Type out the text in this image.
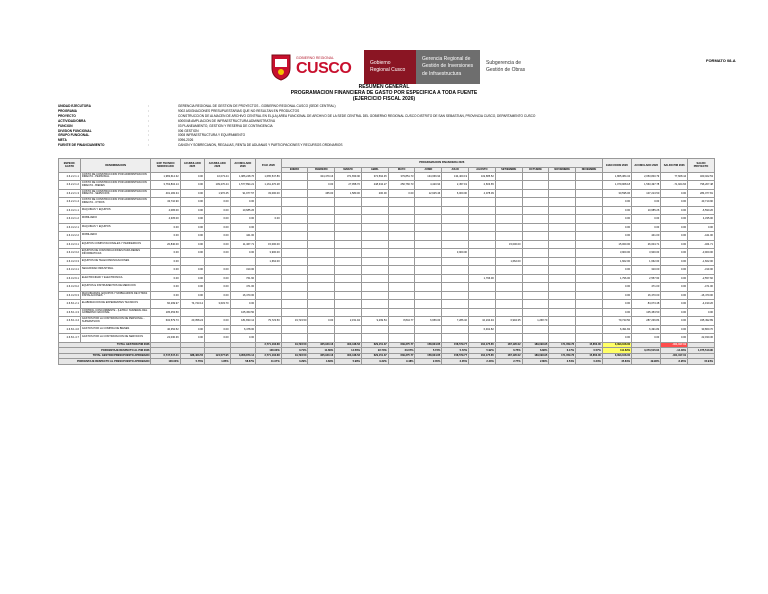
GOBIERNO REGIONAL
CUSCO	Gobierno Regional Cusco
Gerencia Regional de Gestión de Inversiones de Infraestructura
Subgerencia de Gestión de Obras
FORMATO 08-A
RESUMEN GENERAL
PROGRAMACION FINANCIERA DE GASTO POR ESPECIFICA A TODA FUENTE
(EJERCICIO FISCAL 2026)
UNIDAD EJECUTORA	:	GERENCIA REGIONAL DE GESTION DE PROYECTOS - GOBIERNO REGIONAL CUSCO (SEDE CENTRAL)
PROGRAMA	:	9002 ASIGNACIONES PRESUPUESTARIAS QUE NO RESULTAN EN PRODUCTOS
PROYECTO	:	CONSTRUCCION DE ALMACEN DE ARCHIVO CENTRAL EN EL(LA) AREA FUNCIONAL DE ARCHIVO DE LA SEDE CENTRAL DEL GOBIERNO REGIONAL CUSCO DISTRITO DE SAN SEBASTIAN, PROVINCIA CUSCO, DEPARTAMENTO CUSCO
ACTIVIDAD/OBRA	:	6000048 AMPLIACION DE INFRAESTRUCTURA ADMINISTRATIVA
FUNCION	:	03 PLANEAMIENTO, GESTION Y RESERVA DE CONTINGENCIA
DIVISION FUNCIONAL	:	006 GESTION
GRUPO FUNCIONAL	:	0008 INFRAESTRUCTURA Y EQUIPAMIENTO
META	:	0096-2026
FUENTE DE FINANCIAMIENTO	:	CANON Y SOBRECANON, REGALIAS, RENTA DE ADUANAS Y PARTICIPACIONES Y RECURSOS ORDINARIOS
ESPECIF. GASTO	DENOMINACION	EXP. TECNICO MODIFICADO	ACUMULADO 2025	ACUMULADO 2026	ACUMULADO 2026	P.I.M. 2026	PROGRAMACION FINANCIERA 2026												EJECUCION 2026	ACUMULADO 2026	SALDO PIM 2026	SALDO PROYECTO
							ENERO	FEBRERO	MARZO	ABRIL	MAYO	JUNIO	JULIO	AGOSTO	SETIEMBRE	OCTUBRE	NOVIEMBRE	DICIEMBRE				
2.6.2.2.1.1	COSTO DE CONSTRUCCION POR ADMINISTRACION DIRECTA - PERSONAL	1,983,612.32	0.00	10,073.44	1,986,248.76	1,665,547.89		324,479.16	371,659.90	372,594.45	379,851.73	134,666.94	134,400.19	119,685.52					1,865,384.34	2,053,840.79	77,608.44	460,022.53
2.6.2.2.1.2	COSTO DE CONSTRUCCION POR ADMINISTRACION DIRECTA - BIENES	3,763,834.14	0.00	109,270.44	1,577,894.21	1,161,470.28		0.00	27,958.70	248,334.27	250,766.73	4,420.94	2,457.19	2,603.65					1,079,968.18	1,563,497.78	-71,924.66	796,207.48
2.6.2.2.1.3	COSTO DE CONSTRUCCION POR ADMINISTRACION DIRECTA - SERVICIOS	401,182.34	0.00	1,976.45	91,977.57	33,000.00		465.00	1,580.00	200.00	0.00	12,925.46	6,000.00	4,078.09					30,595.06	107,213.50	0.00	284,077.81
2.6.2.2.1.4	COSTO DE CONSTRUCCION POR ADMINISTRACION DIRECTA - OTROS	43,710.90	0.00	0.00	0.00														0.00	0.00	0.00	43,710.90
2.6.3.2.1.1	MAQUINAS Y EQUIPOS	4,095.00	0.00	0.00	10,685.26														0.00	10,685.26	0.00	-6,590.26
2.6.3.2.1.2	MOBILIARIO	4,335.00	0.00	0.00	0.00	0.00													0.00	0.00	0.00	4,335.00
2.6.3.2.2.1	MAQUINAS Y EQUIPOS	0.00	0.00	0.00	0.00														0.00	0.00	0.00	0.00
2.6.3.2.2.2	MOBILIARIO	0.00	0.00	0.00	441.00														0.00	441.00	0.00	-441.00
2.6.3.2.3.1	EQUIPOS COMPUTACIONALES Y PERIFERICOS	20,840.00	0.00	0.00	11,467.71	15,000.00									15,000.00				15,000.00	26,004.71	0.00	-464.71
2.6.3.2.3.2	EQUIPOS DE COMUNICACIONES PARA REDES INFORMATICAS	0.00	0.00	0.00	0.00	3,900.00							3,900.00						3,900.00	3,900.00	0.00	-3,900.00
2.6.3.2.3.3	EQUIPOS DE TELECOMUNICACIONES	0.00				1,662.00									1,662.00				1,662.00	1,662.00	0.00	-1,662.00
2.6.3.2.4.1	SEGURIDAD INDUSTRIAL	0.00	0.00	0.00	310.00														0.00	310.00	0.00	-310.00
2.6.3.2.9.1	ELECTRICIDAD Y ELECTRONICA	0.00	0.00	0.00	761.60									1,796.00					1,796.00	2,557.60	0.00	-2,557.60
2.6.3.2.9.2	EQUIPOS E INSTRUMENTOS DE MEDICION	0.00	0.00	0.00	471.00														0.00	471.00	0.00	-471.00
2.6.3.2.9.3	MAQUINARIAS, EQUIPOS Y MOBILIARIOS DE OTRAS INSTALACIONES	0.00	0.00	0.00	16,470.00														0.00	16,470.00	0.00	-16,470.00
2.6.8.1.2.1	ELABORACION DE EXPEDIENTES TECNICOS	60,299.97	74,743.12	3,633.70	0.00														0.00	84,073.48	0.00	-4,190.26
2.6.8.1.4.3	CONTROL CONCURRENTE - (LETRA I NUMERAL DEL GOBIERNO NACIONAL	105,453.50			105,453.50														0.00	105,453.50	0.00	0.00
2.6.8.1.4.4	GASTOS POR LA CONTRATACION DE PERSONAL - SUPERVISION	632,579.73	20,358.24	0.00	181,833.12	79,723.50	19,723.50	0.00	2,151.94	9,299.54	8,844.77	6,956.00	7,286.32	10,234.94	6,994.35	1,268.70			79,723.50	287,236.84	0.00	345,492.89
2.6.8.1.4.6	GASTOS POR LA COMPRA DE BIENES	40,352.52	0.00	0.00	6,478.00									6,491.82					6,491.82	6,491.82	0.00	33,860.70
2.6.8.1.4.7	GASTOS POR LA CONTRATACION DE SERVICIOS	22,030.36	0.00	0.00	0.00														0.00	0.00	0.00	22,030.36
TOTAL GESTION PIM 2026						2,771,103.68	19,723.50	325,940.16	403,448.53	629,151.37	639,375.77	158,624.65	158,579.77	164,175.65	187,195.02	189,093.95	171,059.76	15,853.00	3,093,108.00		-401,317.31	
PORCENTAJE RESPECTO AL PIM 2026						100.00%	0.71%	11.66%	14.56%	22.70%	23.07%	5.72%	5.72%	5.92%	6.75%	6.82%	6.17%	0.57%	111.62%	3,373,515.64	-14.48%	1,075,510.90
TOTAL GESTION PRESUPUESTO APROBADO		6,747,547.41	388,463.55	124,577.95	3,958,873.14	2,771,103.68	19,723.50	325,940.16	403,448.53	629,151.37	639,375.77	158,624.65	158,579.77	164,175.65	187,195.02	189,093.95	171,059.76	15,853.00	3,093,108.00		-401,317.31	
PORCENTAJE RESPECTO AL PRESUPUESTO APROBADO		100.00%	5.76%	1.85%	58.67%	41.07%	0.29%	4.83%	5.98%	9.32%	9.48%	2.35%	2.35%	2.43%	2.77%	2.80%	2.54%	0.23%	45.84%	49.96%	-5.95%	15.94%
